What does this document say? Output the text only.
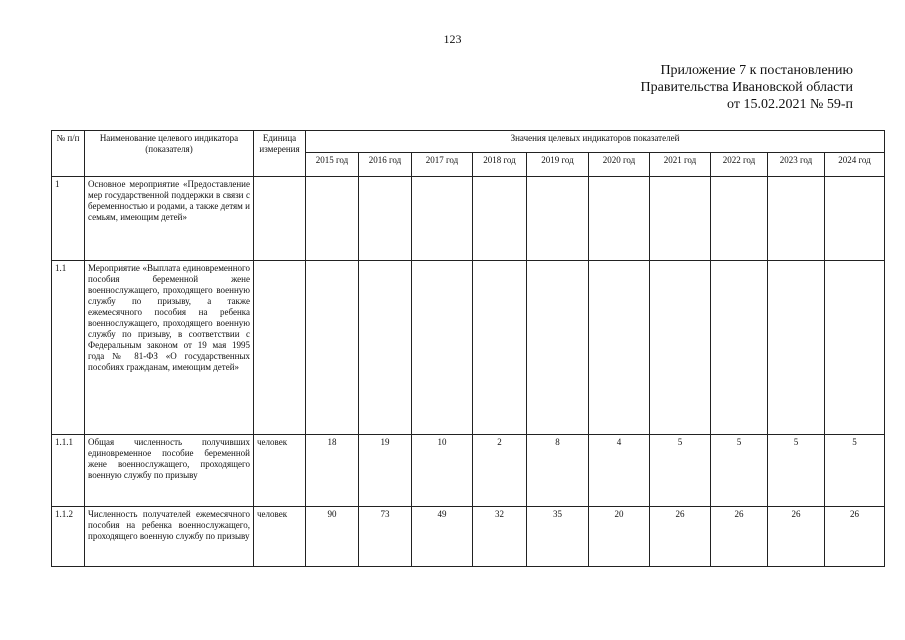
123
Приложение 7 к постановлению
Правительства Ивановской области
от 15.02.2021 № 59-п
№ п/п	Наименование целевого индикатора (показателя)	Единица измерения	Значения целевых индикаторов показателей									
			2015 год	2016 год	2017 год	2018 год	2019 год	2020 год	2021 год	2022 год	2023 год	2024 год
1	Основное мероприятие «Предоставление мер государственной поддержки в связи с беременностью и родами, а также детям и семьям, имеющим детей»											
1.1	Мероприятие «Выплата единовременного пособия беременной жене военнослужащего, проходящего военную службу по призыву, а также ежемесячного пособия на ребенка военнослужащего, проходящего военную службу по призыву, в соответствии с Федеральным законом от 19 мая 1995 года № 81-ФЗ «О государственных пособиях гражданам, имеющим детей»											
1.1.1	Общая численность получивших единовременное пособие беременной жене военнослужащего, проходящего военную службу по призыву	человек	18	19	10	2	8	4	5	5	5	5
1.1.2	Численность получателей ежемесячного пособия на ребенка военнослужащего, проходящего военную службу по призыву	человек	90	73	49	32	35	20	26	26	26	26
